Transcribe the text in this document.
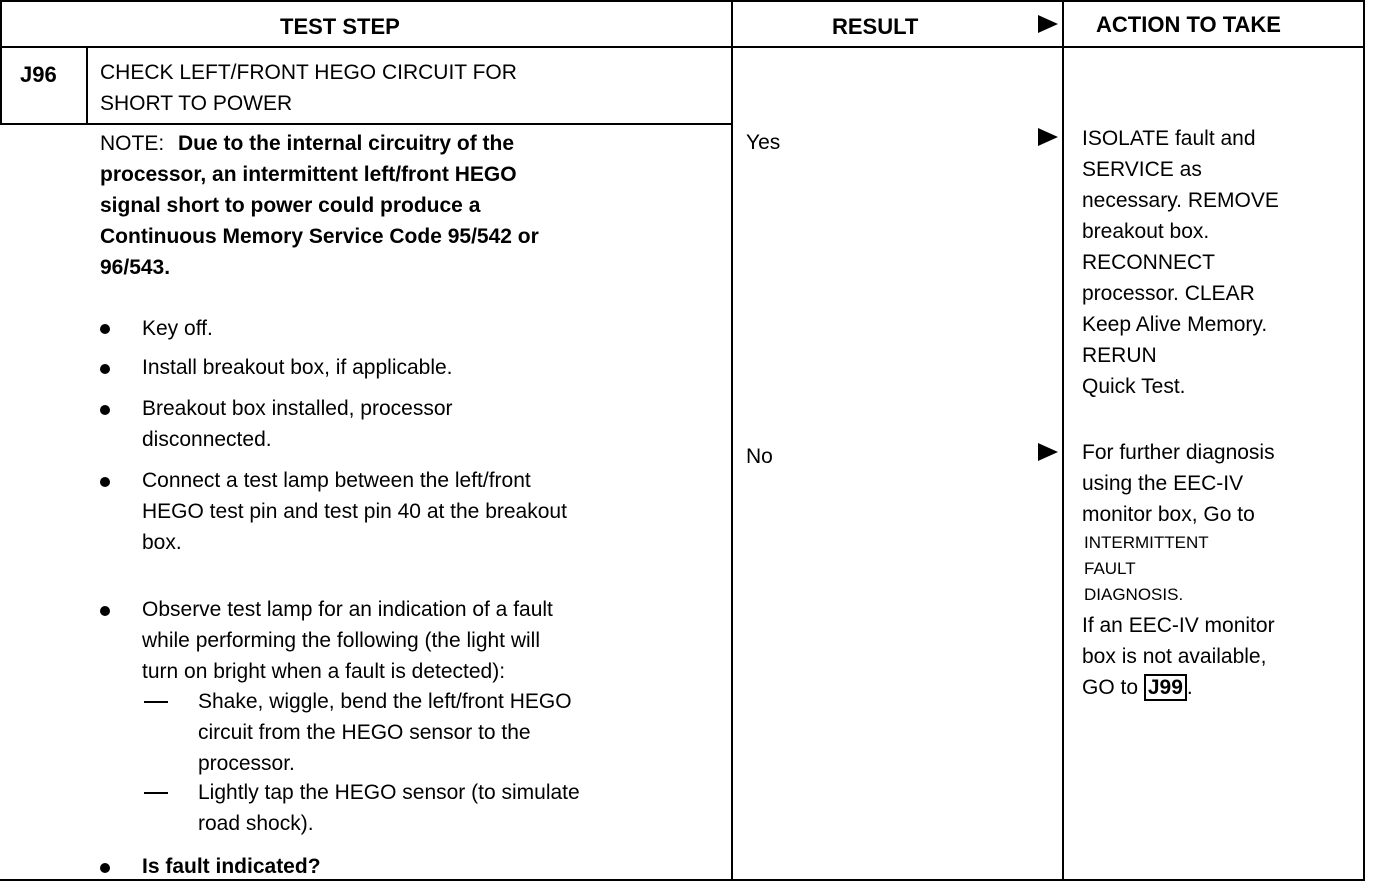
TEST STEP	RESULT	ACTION TO TAKE
J96 CHECK LEFT/FRONT HEGO CIRCUIT FOR
SHORT TO POWER
NOTE: Due to the internal circuitry of the
processor, an intermittent left/front HEGO
signal short to power could produce a
Continuous Memory Service Code 95/542 or
96/543.
Key off.
Install breakout box, if applicable.
Breakout box installed, processor
disconnected.
Connect a test lamp between the left/front
HEGO test pin and test pin 40 at the breakout
box.
Observe test lamp for an indication of a fault
while performing the following (the light will
turn on bright when a fault is detected):
Shake, wiggle, bend the left/front HEGO
circuit from the HEGO sensor to the
processor.
Lightly tap the HEGO sensor (to simulate
road shock).
Is fault indicated?
Yes	ISOLATE fault and
SERVICE as
necessary. REMOVE
breakout box.
RECONNECT
processor. CLEAR
Keep Alive Memory.
RERUN
Quick Test.
No	For further diagnosis
using the EEC-IV
monitor box, Go to
INTERMITTENT
FAULT
DIAGNOSIS.
If an EEC-IV monitor
box is not available,
GO to J99 .
